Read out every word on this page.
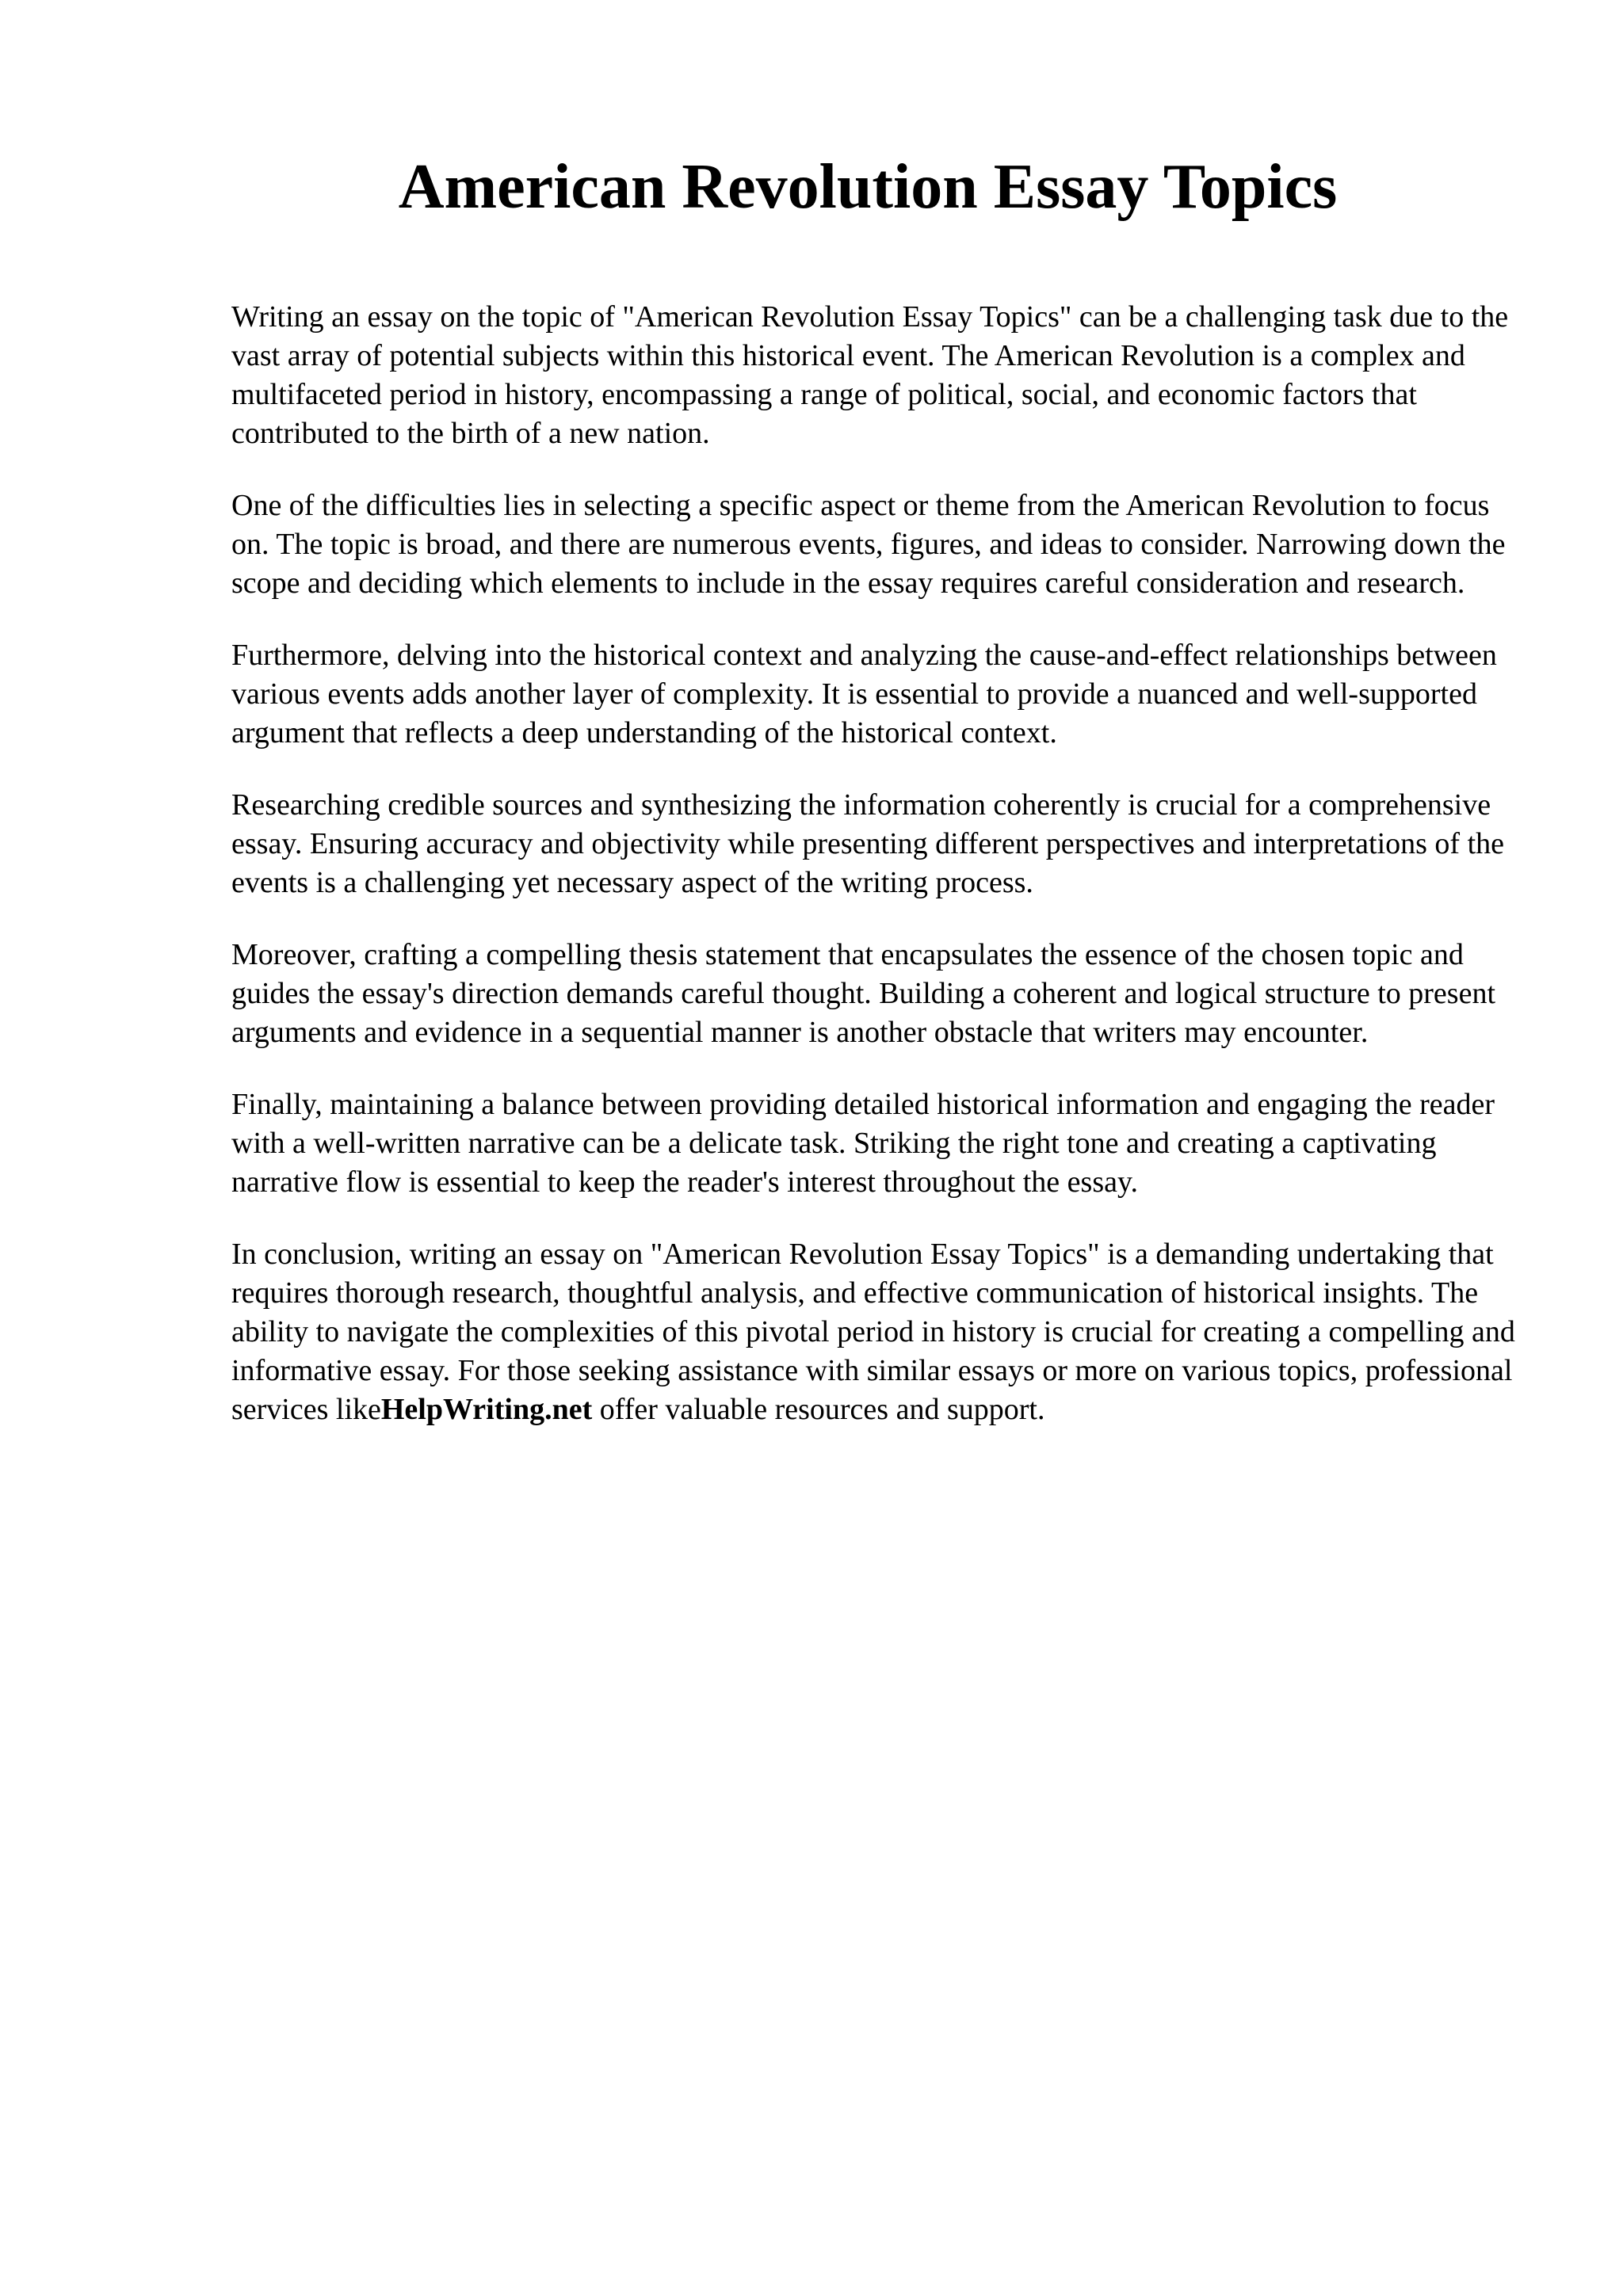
American Revolution Essay Topics

Writing an essay on the topic of "American Revolution Essay Topics" can be a challenging task due to the vast array of potential subjects within this historical event. The American Revolution is a complex and multifaceted period in history, encompassing a range of political, social, and economic factors that contributed to the birth of a new nation.

One of the difficulties lies in selecting a specific aspect or theme from the American Revolution to focus on. The topic is broad, and there are numerous events, figures, and ideas to consider. Narrowing down the scope and deciding which elements to include in the essay requires careful consideration and research.

Furthermore, delving into the historical context and analyzing the cause-and-effect relationships between various events adds another layer of complexity. It is essential to provide a nuanced and well-supported argument that reflects a deep understanding of the historical context.

Researching credible sources and synthesizing the information coherently is crucial for a comprehensive essay. Ensuring accuracy and objectivity while presenting different perspectives and interpretations of the events is a challenging yet necessary aspect of the writing process.

Moreover, crafting a compelling thesis statement that encapsulates the essence of the chosen topic and guides the essay's direction demands careful thought. Building a coherent and logical structure to present arguments and evidence in a sequential manner is another obstacle that writers may encounter.

Finally, maintaining a balance between providing detailed historical information and engaging the reader with a well-written narrative can be a delicate task. Striking the right tone and creating a captivating narrative flow is essential to keep the reader's interest throughout the essay.

In conclusion, writing an essay on "American Revolution Essay Topics" is a demanding undertaking that requires thorough research, thoughtful analysis, and effective communication of historical insights. The ability to navigate the complexities of this pivotal period in history is crucial for creating a compelling and informative essay. For those seeking assistance with similar essays or more on various topics, professional services likeHelpWriting.net offer valuable resources and support.
